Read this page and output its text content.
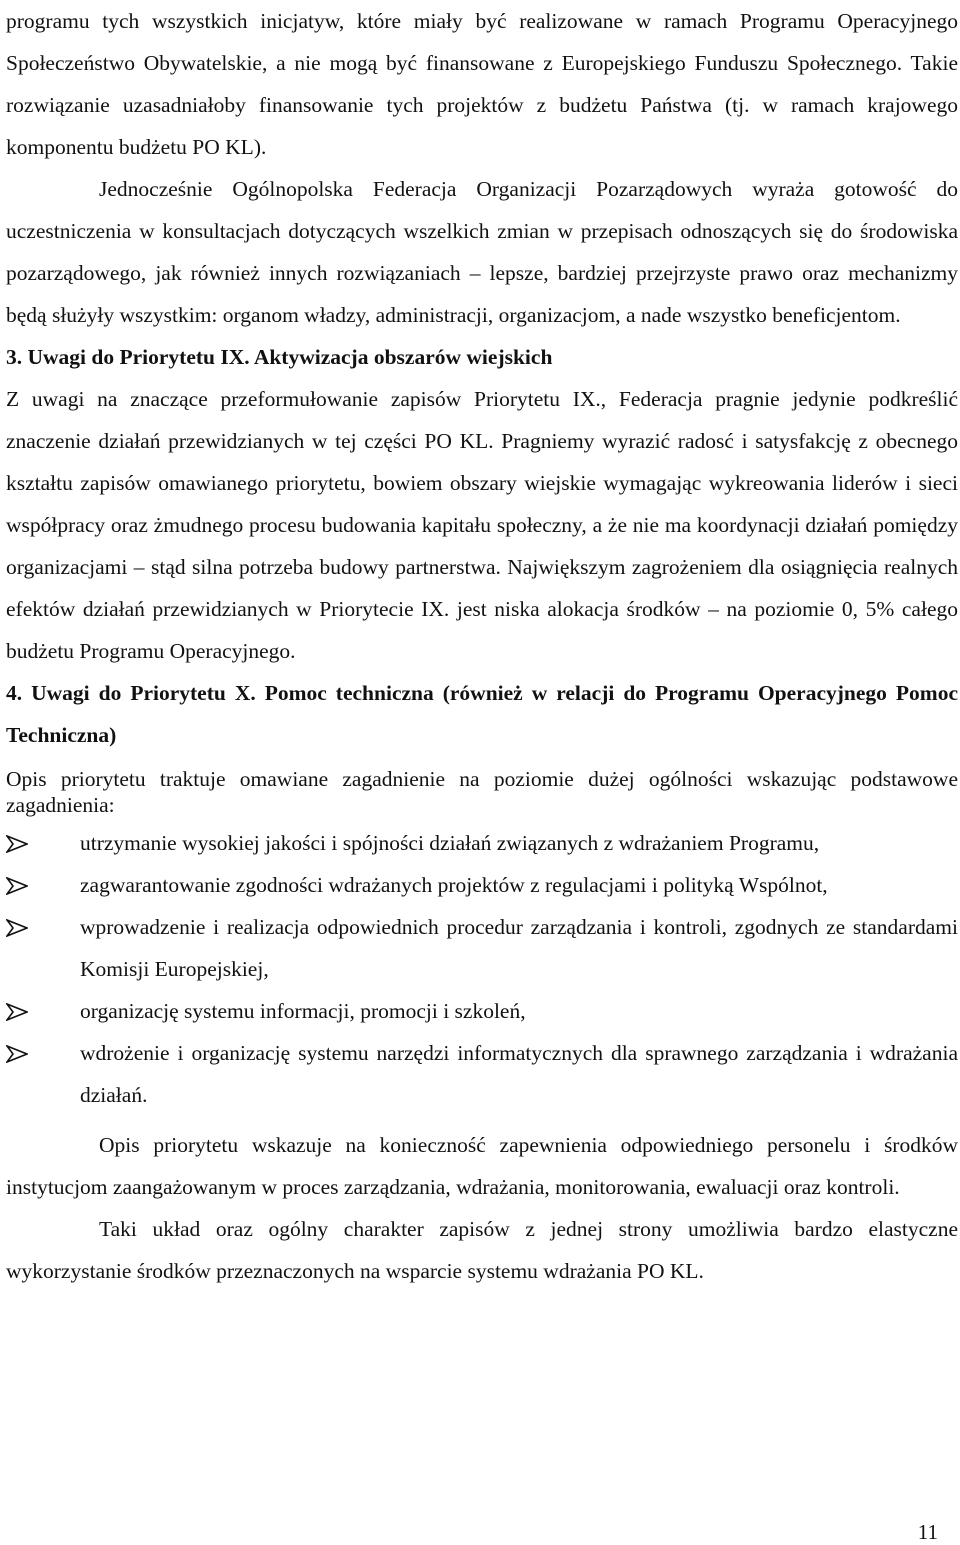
programu tych wszystkich inicjatyw, które miały być realizowane w ramach Programu Operacyjnego Społeczeństwo Obywatelskie, a nie mogą być finansowane z Europejskiego Funduszu Społecznego. Takie rozwiązanie uzasadniałoby finansowanie tych projektów z budżetu Państwa (tj. w ramach krajowego komponentu budżetu PO KL).

Jednocześnie Ogólnopolska Federacja Organizacji Pozarządowych wyraża gotowość do uczestniczenia w konsultacjach dotyczących wszelkich zmian w przepisach odnoszących się do środowiska pozarządowego, jak również innych rozwiązaniach – lepsze, bardziej przejrzyste prawo oraz mechanizmy będą służyły wszystkim: organom władzy, administracji, organizacjom, a nade wszystko beneficjentom.

3. Uwagi do Priorytetu IX. Aktywizacja obszarów wiejskich

Z uwagi na znaczące przeformułowanie zapisów Priorytetu IX., Federacja pragnie jedynie podkreślić znaczenie działań przewidzianych w tej części PO KL. Pragniemy wyrazić radosć i satysfakcję z obecnego kształtu zapisów omawianego priorytetu, bowiem obszary wiejskie wymagając wykreowania liderów i sieci współpracy oraz żmudnego procesu budowania kapitału społeczny, a że nie ma koordynacji działań pomiędzy organizacjami – stąd silna potrzeba budowy partnerstwa. Największym zagrożeniem dla osiągnięcia realnych efektów działań przewidzianych w Priorytecie IX. jest niska alokacja środków – na poziomie 0, 5% całego budżetu Programu Operacyjnego.

4. Uwagi do Priorytetu X. Pomoc techniczna (również w relacji do Programu Operacyjnego Pomoc Techniczna)

Opis priorytetu traktuje omawiane zagadnienie na poziomie dużej ogólności wskazując podstawowe zagadnienia:

utrzymanie wysokiej jakości i spójności działań związanych z wdrażaniem Programu,
zagwarantowanie zgodności wdrażanych projektów z regulacjami i polityką Wspólnot,
wprowadzenie i realizacja odpowiednich procedur zarządzania i kontroli, zgodnych ze standardami Komisji Europejskiej,
organizację systemu informacji, promocji i szkoleń,
wdrożenie i organizację systemu narzędzi informatycznych dla sprawnego zarządzania i wdrażania działań.

Opis priorytetu wskazuje na konieczność zapewnienia odpowiedniego personelu i środków instytucjom zaangażowanym w proces zarządzania, wdrażania, monitorowania, ewaluacji oraz kontroli.

Taki układ oraz ogólny charakter zapisów z jednej strony umożliwia bardzo elastyczne wykorzystanie środków przeznaczonych na wsparcie systemu wdrażania PO KL.

11
